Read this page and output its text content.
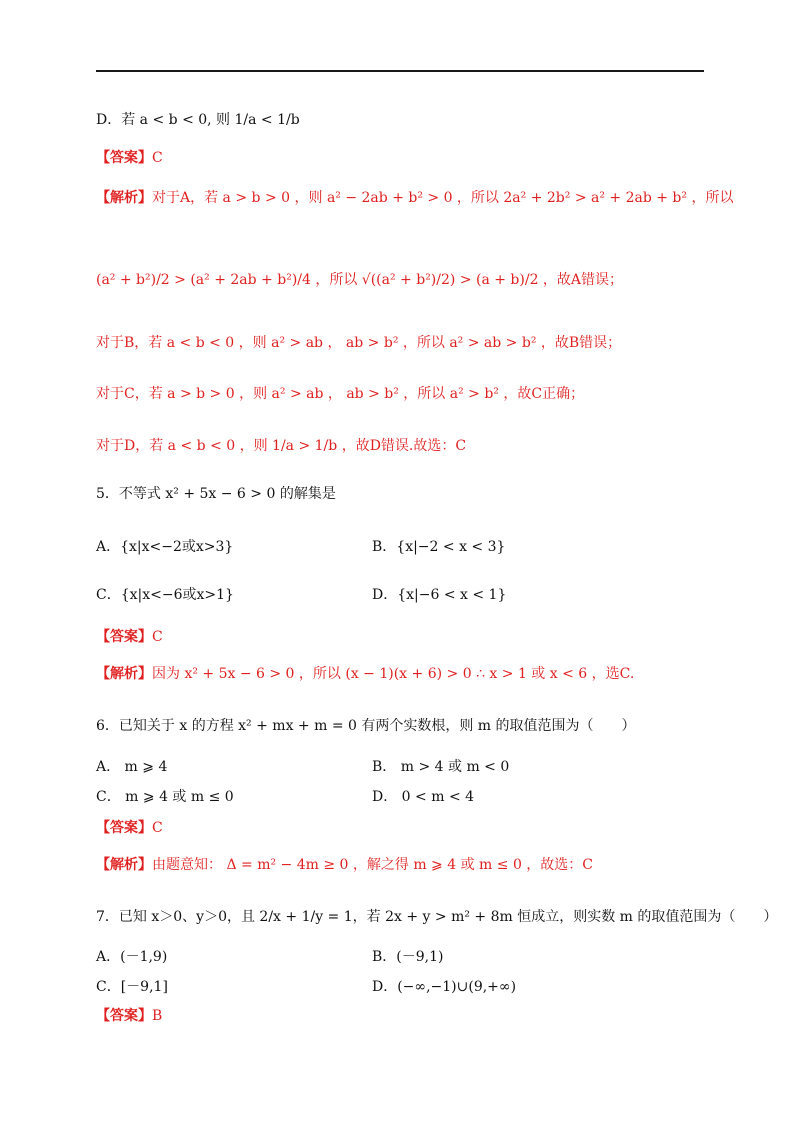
D．若 a < b < 0, 则 1/a < 1/b
【答案】C
【解析】对于A，若 a > b > 0 ，则 a² − 2ab + b² > 0 ，所以 2a² + 2b² > a² + 2ab + b² ，所以
(a² + b²)/2 > (a² + 2ab + b²)/4 ，所以 √((a² + b²)/2) > (a + b)/2 ，故A错误；
对于B，若 a < b < 0 ，则 a² > ab ， ab > b² ，所以 a² > ab > b² ，故B错误；
对于C，若 a > b > 0 ，则 a² > ab ， ab > b² ，所以 a² > b² ，故C正确；
对于D，若 a < b < 0 ，则 1/a > 1/b ，故D错误.故选：C
5．不等式 x² + 5x − 6 > 0 的解集是
A．{x|x<−2或x>3}	B．{x|−2 < x < 3}
C．{x|x<−6或x>1}	D．{x|−6 < x < 1}
【答案】C
【解析】因为 x² + 5x − 6 > 0 ，所以 (x − 1)(x + 6) > 0 ∴ x > 1 或 x < 6 ，选C.
6．已知关于 x 的方程 x² + mx + m = 0 有两个实数根，则 m 的取值范围为（　　）
A． m ⩾ 4	B． m > 4 或 m < 0
C． m ⩾ 4 或 m ≤ 0	D． 0 < m < 4
【答案】C
【解析】由题意知： Δ = m² − 4m ≥ 0 ，解之得 m ⩾ 4 或 m ≤ 0 ，故选：C
7．已知 x＞0、y＞0，且 2/x + 1/y = 1，若 2x + y > m² + 8m 恒成立，则实数 m 的取值范围为（　　）
A．(－1,9)	B．(－9,1)
C．[－9,1]	D．(−∞,−1)∪(9,+∞)
【答案】B
